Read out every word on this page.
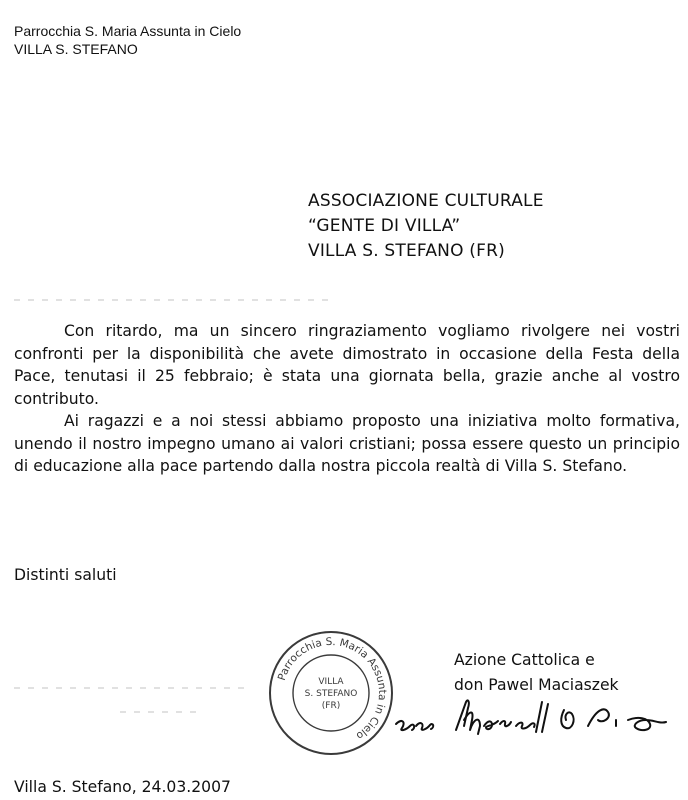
Parrocchia S. Maria Assunta in Cielo
VILLA S. STEFANO
ASSOCIAZIONE CULTURALE
“GENTE DI VILLA”
VILLA S. STEFANO (FR)

Con ritardo, ma un sincero ringraziamento vogliamo rivolgere nei vostri confronti per la disponibilità che avete dimostrato in occasione della Festa della Pace, tenutasi il 25 febbraio; è stata una giornata bella, grazie anche al vostro contributo.

Ai ragazzi e a noi stessi abbiamo proposto una iniziativa molto formativa, unendo il nostro impegno umano ai valori cristiani; possa essere questo un principio di educazione alla pace partendo dalla nostra piccola realtà di Villa S. Stefano.

Distinti saluti
Parrocchia S. Maria Assunta in Cielo
VILLA
S. STEFANO
(FR)
Azione Cattolica e
don Pawel Maciaszek
don Maciaszek
Villa S. Stefano, 24.03.2007
